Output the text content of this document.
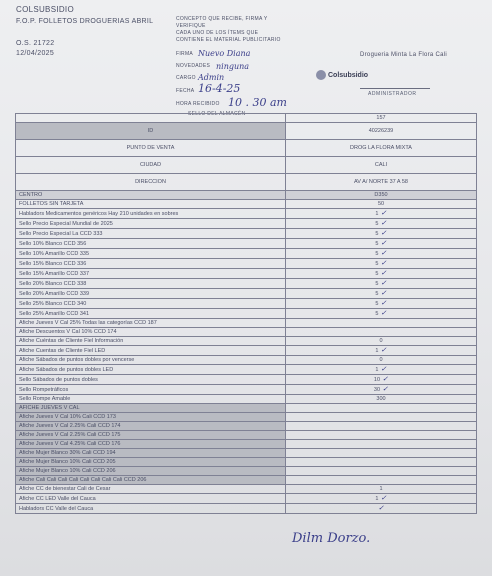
COLSUBSIDIO
F.O.P. FOLLETOS DROGUERIAS ABRIL
O.S. 21722
12/04/2025
CONCEPTO QUE RECIBE, FIRMA Y
VERIFIQUE
CADA UNO DE LOS ÍTEMS QUE
CONTIENE EL MATERIAL PUBLICITARIO
FIRMA Nuevo Diana
NOVEDADES ninguna
CARGO Admin
FECHA 16-4-25
HORA RECIBIDO 10 . 30 am
SELLO DEL ALMACÉN
Drogueria Minta La Flora Cali
Colsubsidio
ADMINISTRADOR
	157
ID	40226239
PUNTO DE VENTA	DROG LA FLORA MIXTA
CIUDAD	CALI
DIRECCION	AV A/ NORTE 37 A 58
CENTRO	D350
FOLLETOS SIN TARJETA	50
Habladors Medicamentos genéricos Hay 210 unidades en sobres	1 ✓
Sello Precio Especial Mundial de 2025	5 ✓
Sello Precio Especial La CCD 333	5 ✓
Sello 10% Blanco CCD 356	5 ✓
Sello 10% Amarillo CCD 335	5 ✓
Sello 15% Blanco CCD 336	5 ✓
Sello 15% Amarillo CCD 337	5 ✓
Sello 20% Blanco CCD 338	5 ✓
Sello 20% Amarillo CCD 339	5 ✓
Sello 25% Blanco CCD 340	5 ✓
Sello 25% Amarillo CCD 341	5 ✓
Afiche Jueves V Cal 25% Todas las categorías CCD 187	
Afiche Descuentos V Cal 10% CCD 174	
Afiche Cuéntas de Cliente Fiel Información	0
Afiche Cuentas de Cliente Fiel LED	1 ✓
Afiche Sábados de puntos dobles por vencerse	0
Afiche Sábados de puntos dobles LED	1 ✓
Sello Sábados de puntos dobles	10 ✓
Sello Rompetráficos	30 ✓
Sello Rompe Amable	300
AFICHE JUEVES V CAL	
Afiche Jueves V Cal 10% Cali CCD 173	
Afiche Jueves V Cal 2.25% Cali CCD 174	
Afiche Jueves V Cal 2.25% Cali CCD 175	
Afiche Jueves V Cal 4.25% Cali CCD 176	
Afiche Mujer Blanco 30% Cali CCD 194	
Afiche Mujer Blanco 10% Cali CCD 205	
Afiche Mujer Blanco 10% Cali CCD 206	
Afiche Cali Cali Cali Cali Cali Cali Cali Cali CCD 206	
Afiche CC de bienestar Cali de Cesar	1
Afiche CC LED Valle del Cauca	1 ✓
Habladors CC Valle del Cauca	✓
Dilm Dorzo.
